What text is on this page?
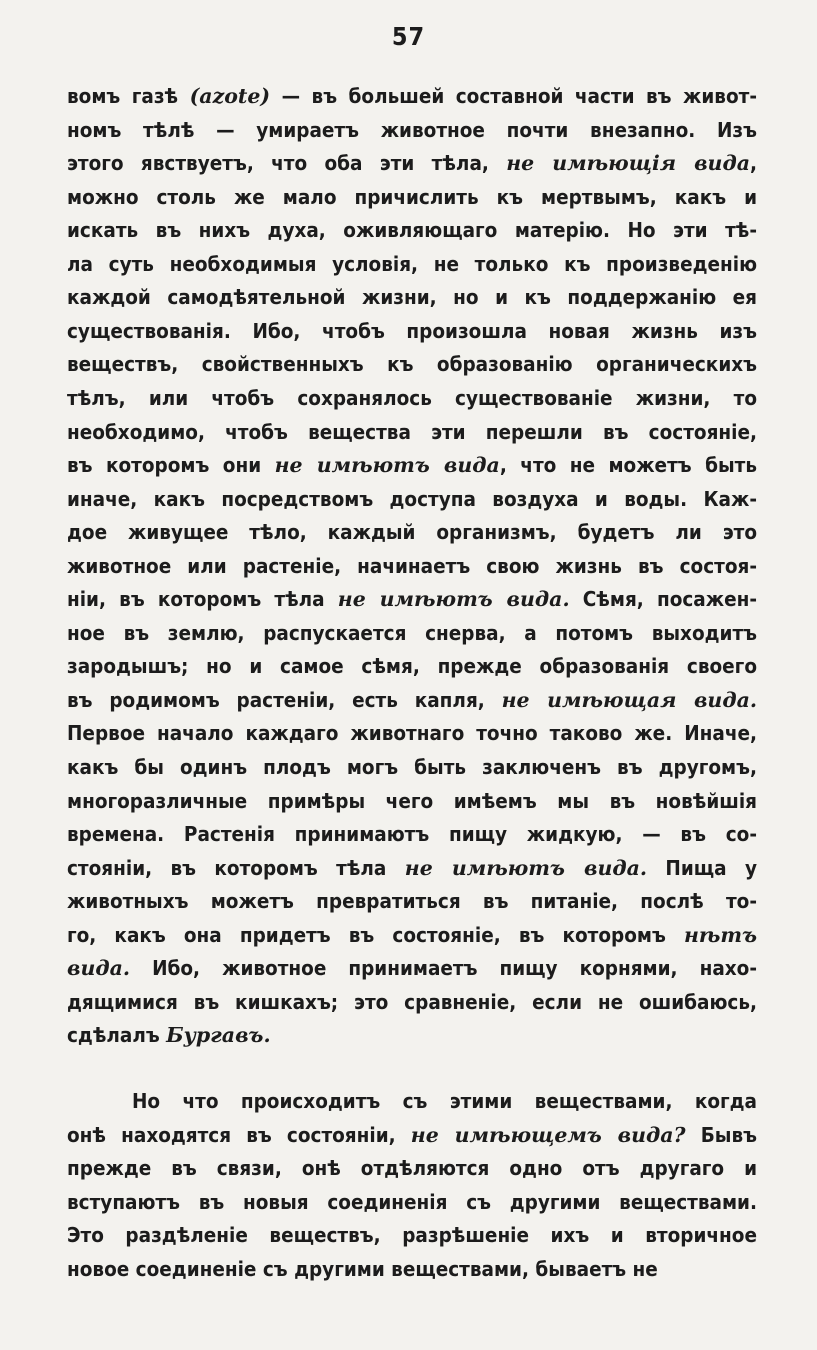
57
вомъ газѣ (azote) — въ большей составной части въ живот-
номъ тѣлѣ — умираетъ животное почти внезапно. Изъ
этого явствуетъ, что оба эти тѣла, не имѣющія вида,
можно столь же мало причислить къ мертвымъ, какъ и
искать въ нихъ духа, оживляющаго матерію. Но эти тѣ-
ла суть необходимыя условія, не только къ произведенію
каждой самодѣятельной жизни, но и къ поддержанію ея
существованія. Ибо, чтобъ произошла новая жизнь изъ
веществъ, свойственныхъ къ образованію органическихъ
тѣлъ, или чтобъ сохранялось существованіе жизни, то
необходимо, чтобъ вещества эти перешли въ состояніе,
въ которомъ они не имѣютъ вида, что не можетъ быть
иначе, какъ посредствомъ доступа воздуха и воды. Каж-
дое живущее тѣло, каждый организмъ, будетъ ли это
животное или растеніе, начинаетъ свою жизнь въ состоя-
ніи, въ которомъ тѣла не имѣютъ вида. Сѣмя, посажен-
ное въ землю, распускается снерва, а потомъ выходитъ
зародышъ; но и самое сѣмя, прежде образованія своего
въ родимомъ растеніи, есть капля, не имѣющая вида.
Первое начало каждаго животнаго точно таково же. Иначе,
какъ бы одинъ плодъ могъ быть заключенъ въ другомъ,
многоразличные примѣры чего имѣемъ мы въ новѣйшія
времена. Растенія принимаютъ пищу жидкую, — въ со-
стояніи, въ которомъ тѣла не имѣютъ вида. Пища у
животныхъ можетъ превратиться въ питаніе, послѣ то-
го, какъ она придетъ въ состояніе, въ которомъ нѣтъ
вида. Ибо, животное принимаетъ пищу корнями, нахо-
дящимися въ кишкахъ; это сравненіе, если не ошибаюсь,
сдѣлалъ Бургавъ.
Но что происходитъ съ этими веществами, когда
онѣ находятся въ состояніи, не имѣющемъ вида? Бывъ
прежде въ связи, онѣ отдѣляются одно отъ другаго и
вступаютъ въ новыя соединенія съ другими веществами.
Это раздѣленіе веществъ, разрѣшеніе ихъ и вторичное
новое соединеніе съ другими веществами, бываетъ не
